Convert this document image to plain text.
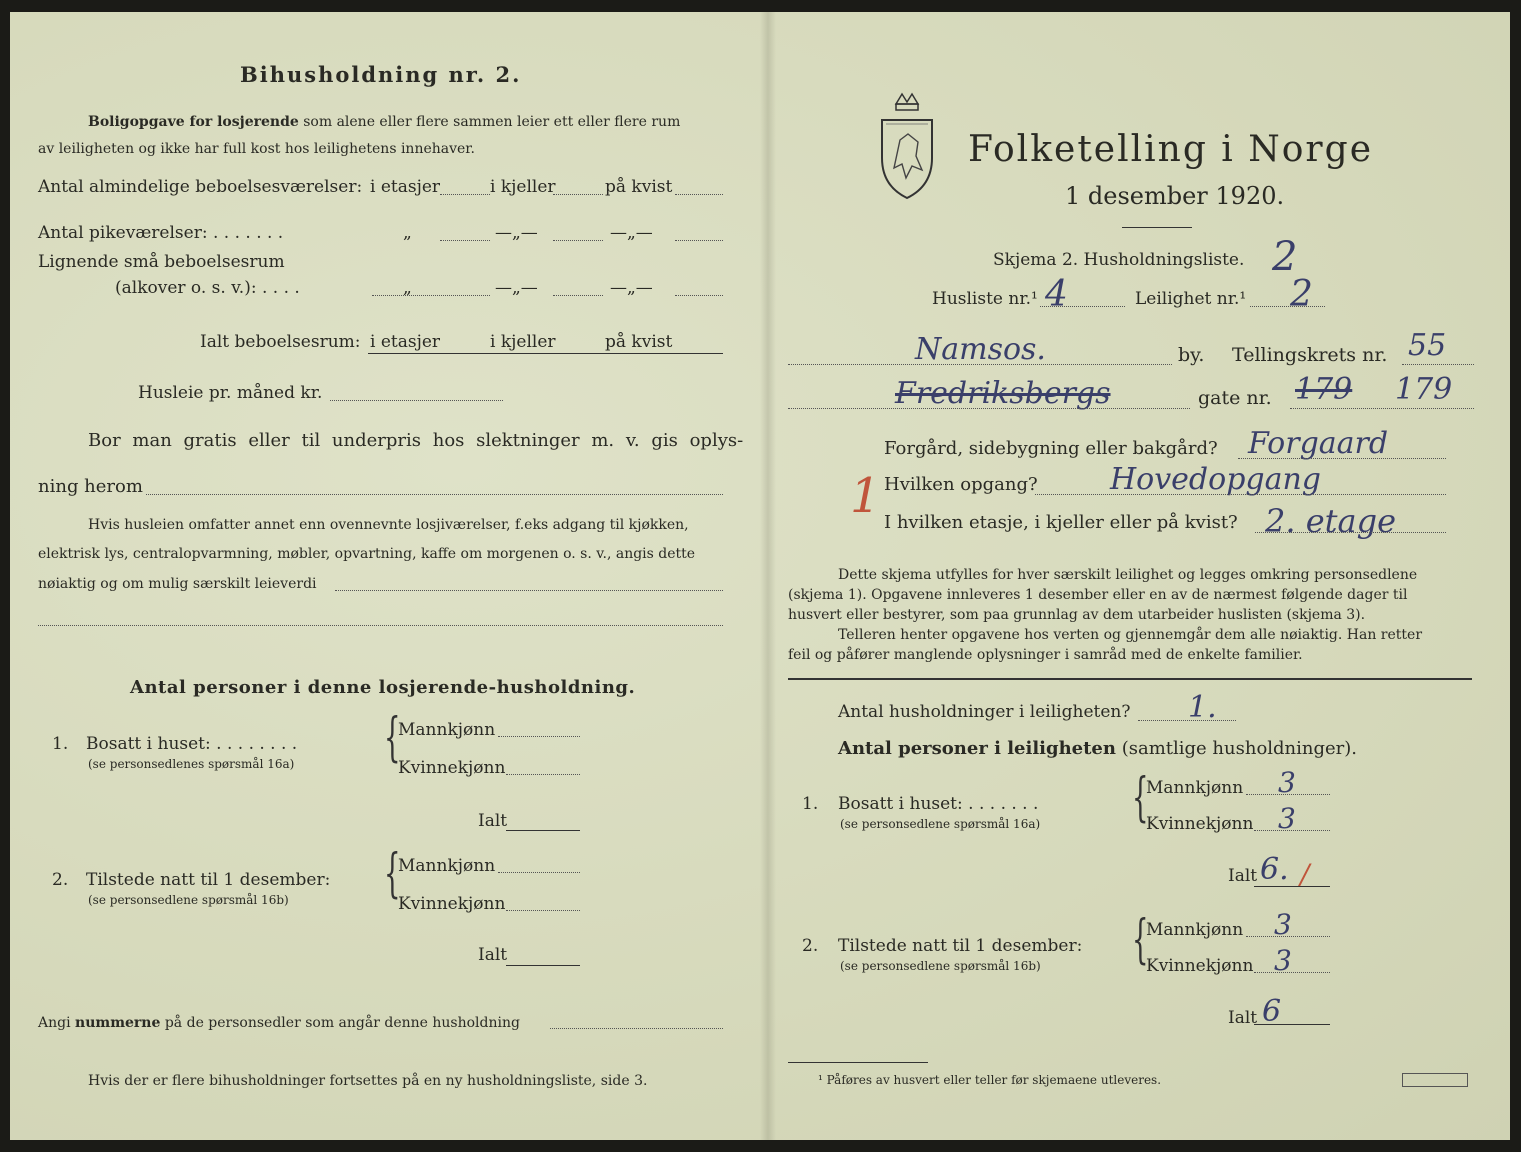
Bihusholdning nr. 2.
Boligopgave for losjerende som alene eller flere sammen leier ett eller flere rum
av leiligheten og ikke har full kost hos leilighetens innehaver.
Antal almindelige beboelsesværelser: i etasjer	i kjeller	på kvist
Antal pikeværelser: . . . . . . .	„	—„—	—„—
Lignende små beboelsesrum
(alkover o. s. v.): . . . .	„	—„—	—„—
Ialt beboelsesrum: i etasjer	i kjeller	på kvist
Husleie pr. måned kr.
Bor man gratis eller til underpris hos slektninger m. v. gis oplys-
ning herom
Hvis husleien omfatter annet enn ovennevnte losjiværelser, f.eks adgang til kjøkken,
elektrisk lys, centralopvarmning, møbler, opvartning, kaffe om morgenen o. s. v., angis dette
nøiaktig og om mulig særskilt leieverdi
Antal personer i denne losjerende-husholdning.
1. Bosatt i huset: . . . . . . . .
(se personsedlenes spørsmål 16a) {
Mannkjønn
Kvinnekjønn
Ialt
2. Tilstede natt til 1 desember:
(se personsedlene spørsmål 16b) {
Mannkjønn
Kvinnekjønn
Ialt
Angi nummerne på de personsedler som angår denne husholdning
Hvis der er flere bihusholdninger fortsettes på en ny husholdningsliste, side 3.
Folketelling i Norge
1 desember 1920.
Skjema 2. Husholdningsliste. 2
Husliste nr.¹ 4	Leilighet nr.¹ 2
Namsos.	by. Tellingskrets nr. 55
Fredriksbergs	gate nr. 179 179
Forgård, sidebygning eller bakgård? Forgaard
1 Hvilken opgang? Hovedopgang
I hvilken etasje, i kjeller eller på kvist? 2. etage
Dette skjema utfylles for hver særskilt leilighet og legges omkring personsedlene
(skjema 1). Opgavene innleveres 1 desember eller en av de nærmest følgende dager til
husvert eller bestyrer, som paa grunnlag av dem utarbeider huslisten (skjema 3).
Telleren henter opgavene hos verten og gjennemgår dem alle nøiaktig. Han retter
feil og påfører manglende oplysninger i samråd med de enkelte familier.
Antal husholdninger i leiligheten? 1.
Antal personer i leiligheten (samtlige husholdninger).
1. Bosatt i huset: . . . . . . .
(se personsedlene spørsmål 16a) {
Mannkjønn 3
Kvinnekjønn 3
Ialt 6. /
2. Tilstede natt til 1 desember:
(se personsedlene spørsmål 16b) {
Mannkjønn 3
Kvinnekjønn 3
Ialt 6
¹ Påføres av husvert eller teller før skjemaene utleveres.
